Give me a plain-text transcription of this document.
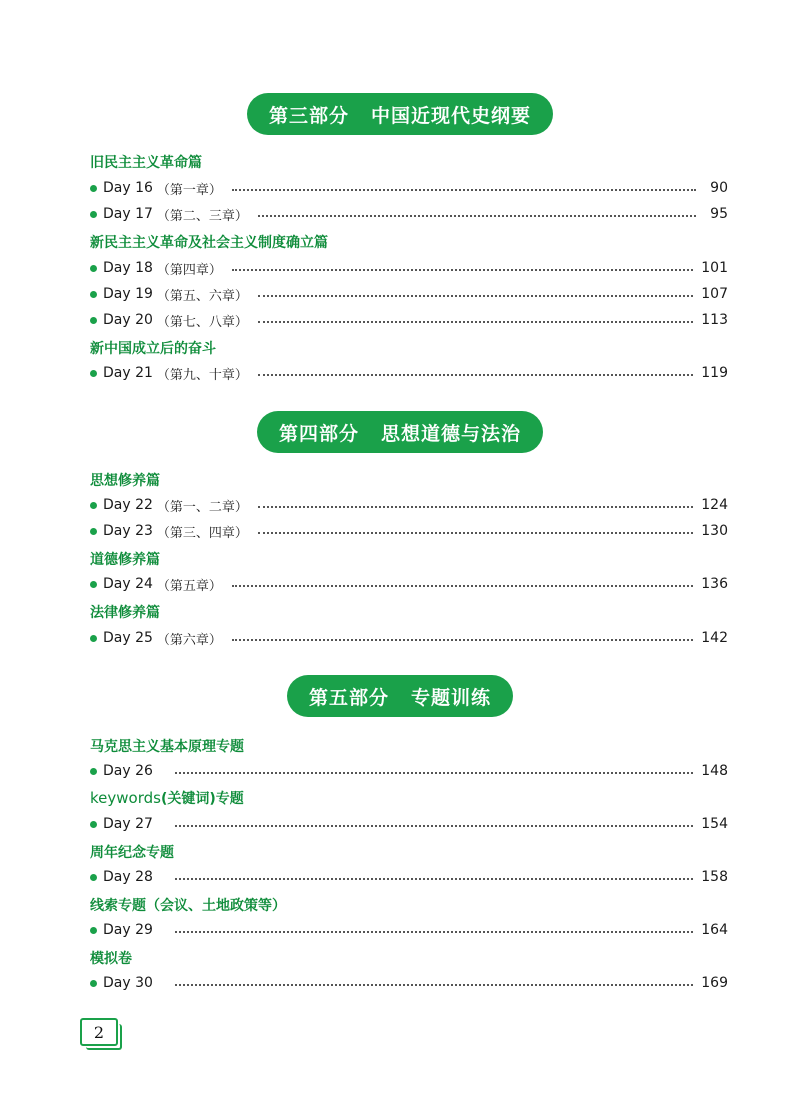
第三部分 中国近现代史纲要
旧民主主义革命篇
Day 16 （第一章）	90
Day 17 （第二、三章）	95
新民主主义革命及社会主义制度确立篇
Day 18 （第四章）	101
Day 19 （第五、六章）	107
Day 20 （第七、八章）	113
新中国成立后的奋斗
Day 21 （第九、十章）	119
第四部分 思想道德与法治
思想修养篇
Day 22 （第一、二章）	124
Day 23 （第三、四章）	130
道德修养篇
Day 24 （第五章）	136
法律修养篇
Day 25 （第六章）	142
第五部分 专题训练
马克思主义基本原理专题
Day 26	148
keywords(关键词)专题
Day 27	154
周年纪念专题
Day 28	158
线索专题（会议、土地政策等）
Day 29	164
模拟卷
Day 30	169
2
